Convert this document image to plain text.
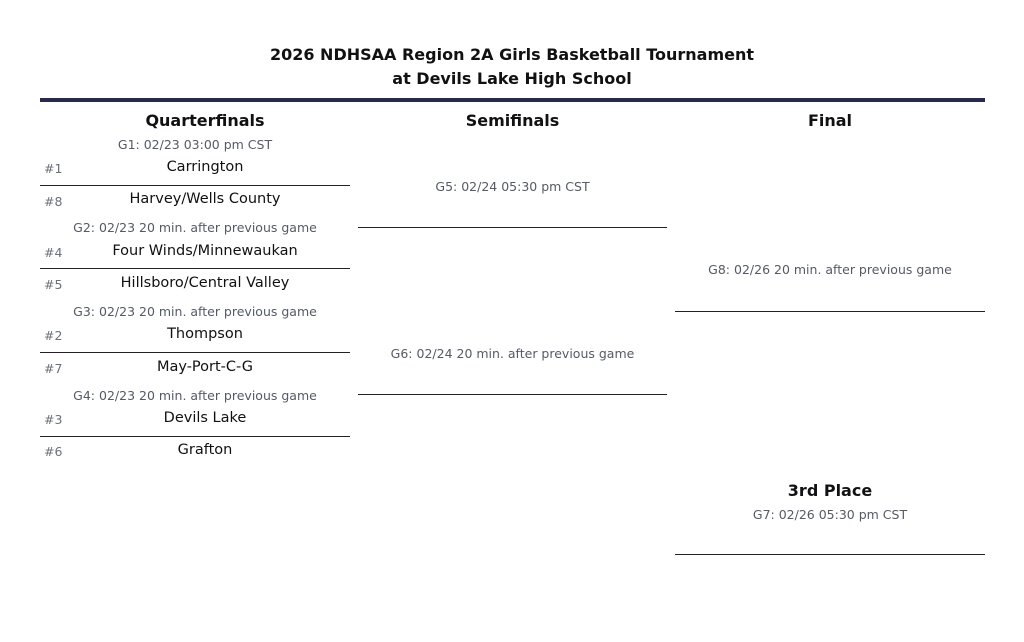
2026 NDHSAA Region 2A Girls Basketball Tournament
at Devils Lake High School
Quarterfinals	Semifinals	Final
G1: 02/23 03:00 pm CST
#1	Carrington
#8	Harvey/Wells County
G2: 02/23 20 min. after previous game
#4	Four Winds/Minnewaukan
#5	Hillsboro/Central Valley
G3: 02/23 20 min. after previous game
#2	Thompson
#7	May-Port-C-G
G4: 02/23 20 min. after previous game
#3	Devils Lake
#6	Grafton
G5: 02/24 05:30 pm CST
G6: 02/24 20 min. after previous game
G8: 02/26 20 min. after previous game
3rd Place
G7: 02/26 05:30 pm CST
